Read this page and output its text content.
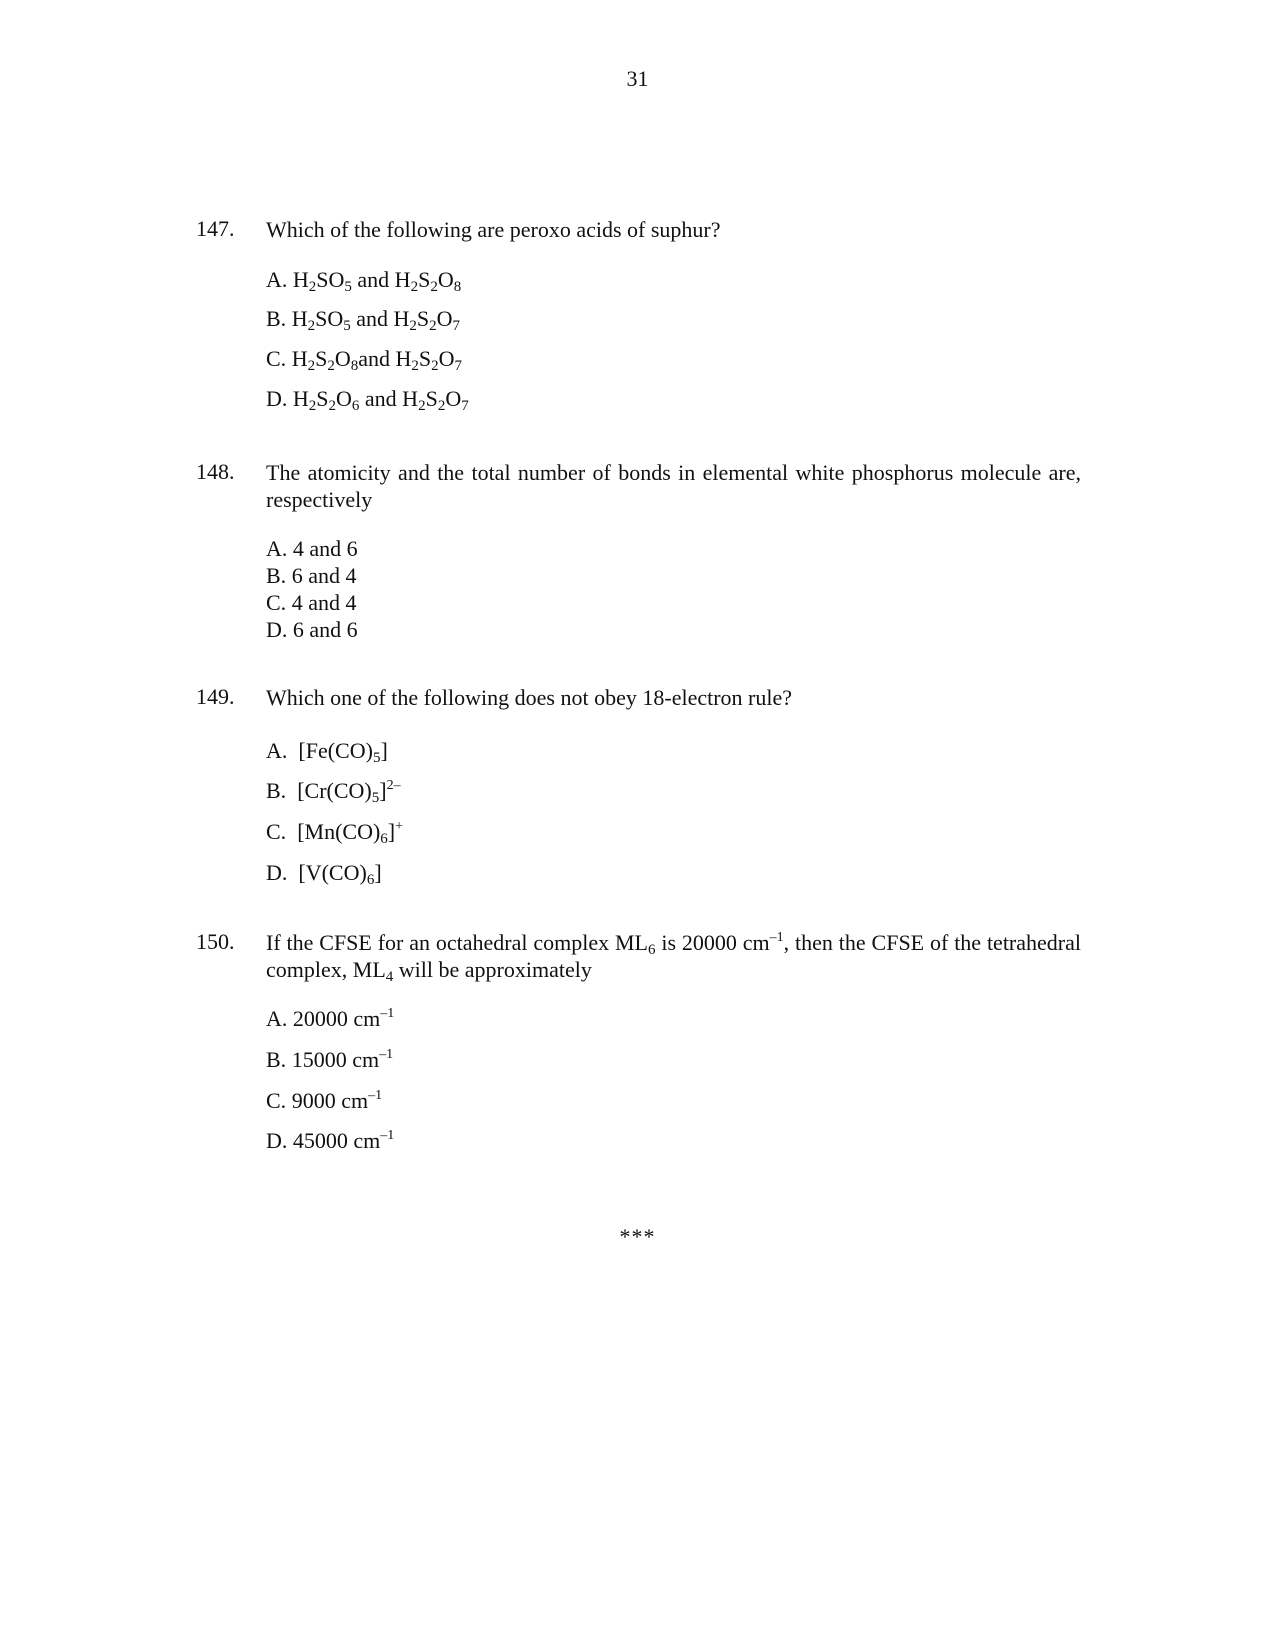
31
147.	Which of the following are peroxo acids of suphur?
A. $H_2SO_5$ and $H_2S_2O_8$
B. $H_2SO_5$ and $H_2S_2O_7$
C. $H_2S_2O_8and$ $H_2S_2O_7$
D. $H_2S_2O_6$ and $H_2S_2O_7$
148.	The atomicity and the total number of bonds in elemental white phosphorus molecule are, respectively
A. 4 and 6
B. 6 and 4
C. 4 and 4
D. 6 and 6
149.	Which one of the following does not obey 18-electron rule?
A.  $[Fe(CO)_5]$
B.  $[Cr(CO)_5]^{2-}$
C.  $[Mn(CO)_6]^+$
D.  $[V(CO)_6]$
150.	If the CFSE for an octahedral complex $ML_6$ is 20000 $cm^{-1}$, then the CFSE of the tetrahedral complex, $ML_4$ will be approximately
A. 20000 $cm^{-1}$
B. 15000 $cm^{-1}$
C. 9000 $cm^{-1}$
D. 45000 $cm^{-1}$
***
